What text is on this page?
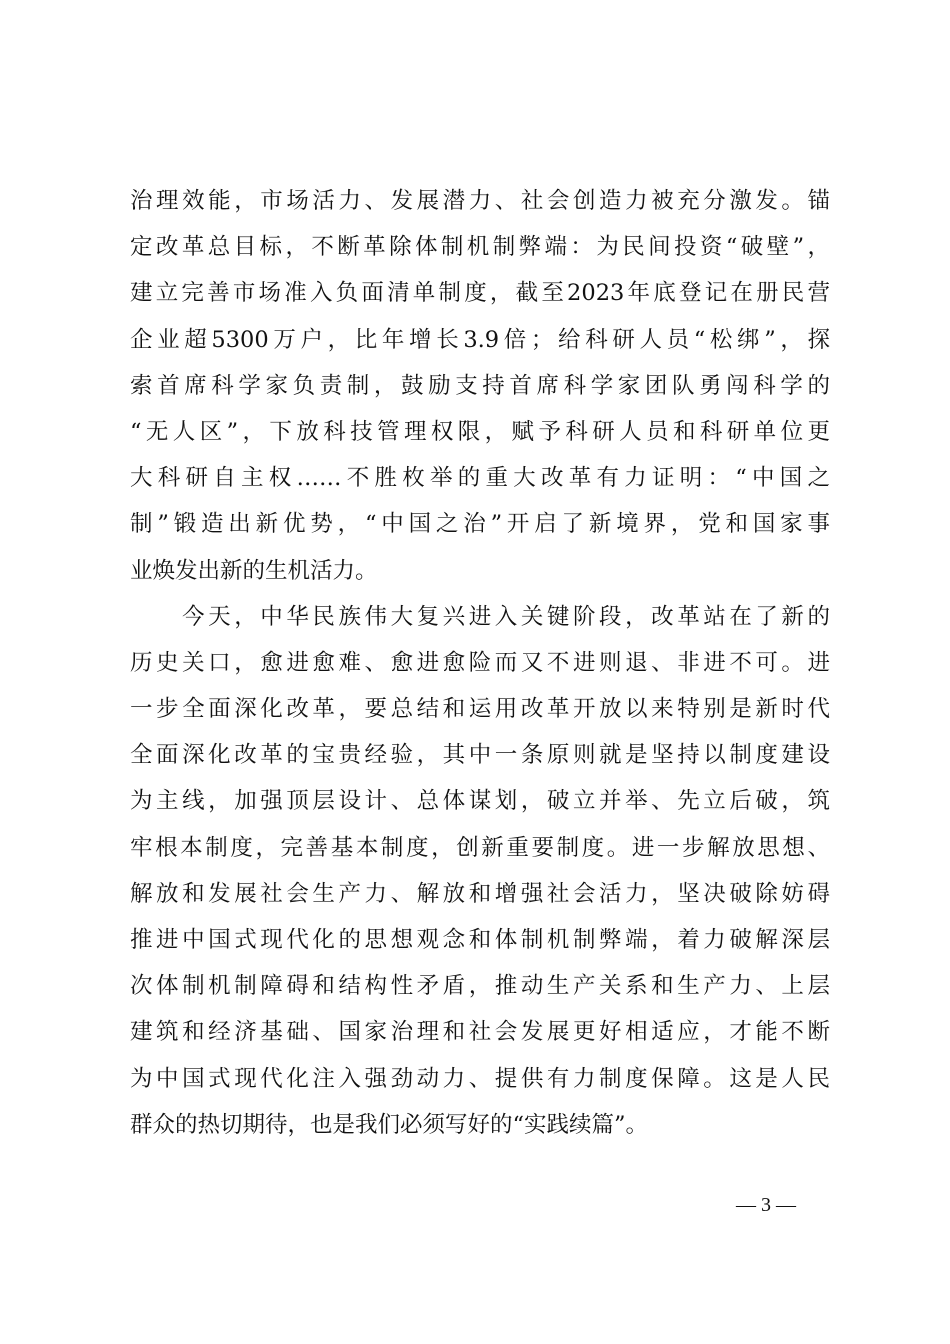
治理效能，市场活力、发展潜力、社会创造力被充分激发。锚
定改革总目标，不断革除体制机制弊端：为民间投资“破壁”，
建立完善市场准入负面清单制度，截至2023年底登记在册民营
企业超5300万户，比年增长3.9倍；给科研人员“松绑”，探
索首席科学家负责制，鼓励支持首席科学家团队勇闯科学的
“无人区”，下放科技管理权限，赋予科研人员和科研单位更
大科研自主权……不胜枚举的重大改革有力证明：“中国之
制”锻造出新优势，“中国之治”开启了新境界，党和国家事
业焕发出新的生机活力。
　　今天，中华民族伟大复兴进入关键阶段，改革站在了新的
历史关口，愈进愈难、愈进愈险而又不进则退、非进不可。进
一步全面深化改革，要总结和运用改革开放以来特别是新时代
全面深化改革的宝贵经验，其中一条原则就是坚持以制度建设
为主线，加强顶层设计、总体谋划，破立并举、先立后破，筑
牢根本制度，完善基本制度，创新重要制度。进一步解放思想、
解放和发展社会生产力、解放和增强社会活力，坚决破除妨碍
推进中国式现代化的思想观念和体制机制弊端，着力破解深层
次体制机制障碍和结构性矛盾，推动生产关系和生产力、上层
建筑和经济基础、国家治理和社会发展更好相适应，才能不断
为中国式现代化注入强劲动力、提供有力制度保障。这是人民
群众的热切期待，也是我们必须写好的“实践续篇”。
— 3 —
